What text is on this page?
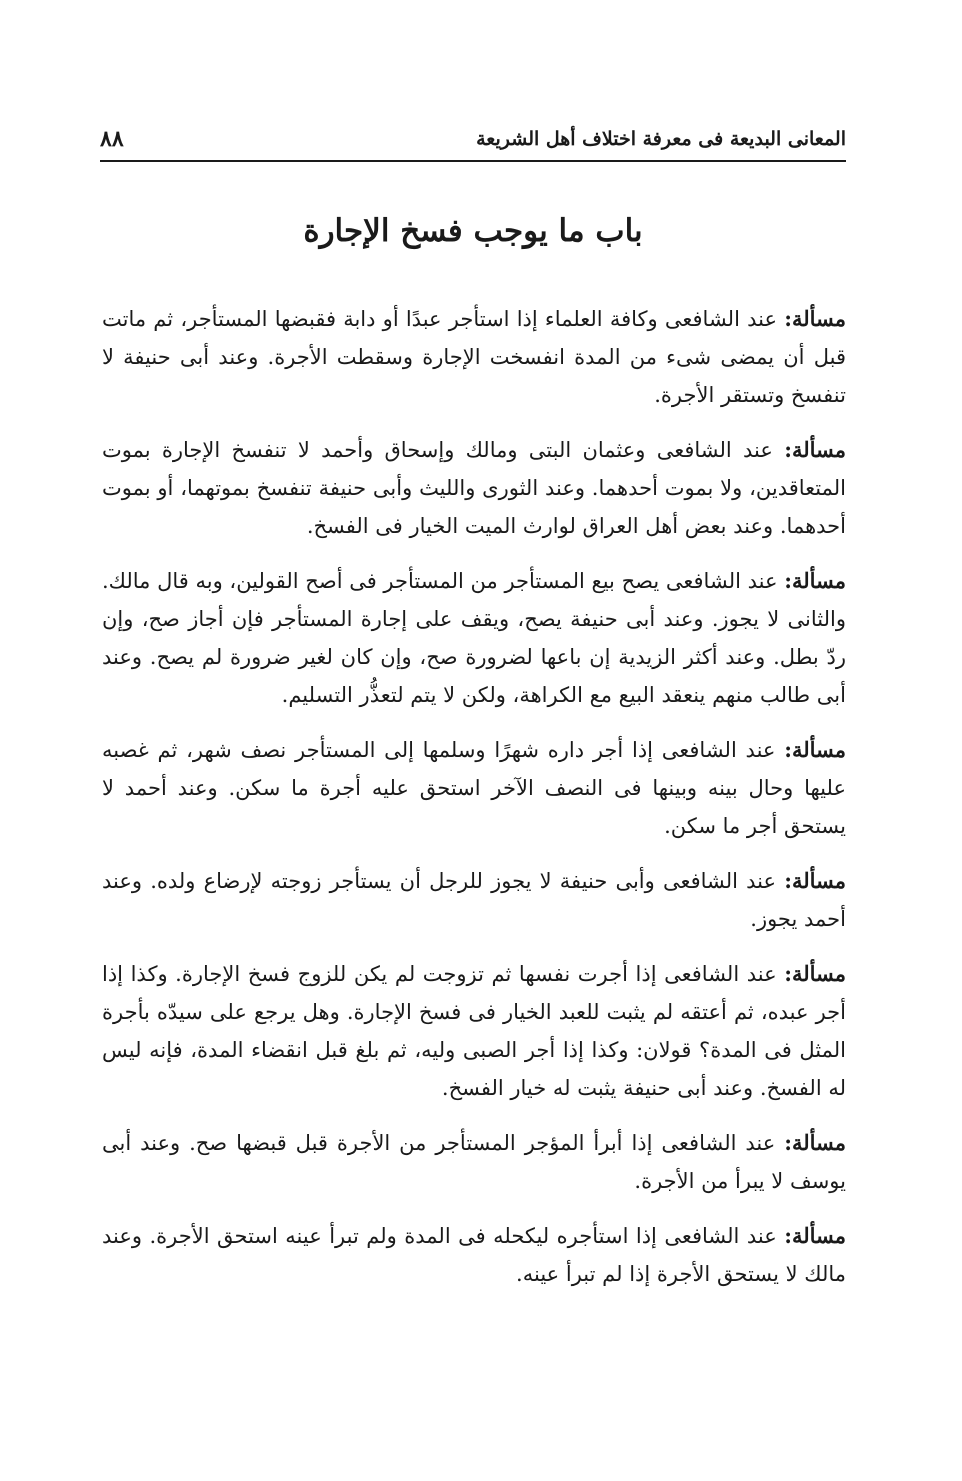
المعانى البديعة فى معرفة اختلاف أهل الشريعة
٨٨
باب ما يوجب فسخ الإجارة

مسألة: عند الشافعى وكافة العلماء إذا استأجر عبدًا أو دابة فقبضها المستأجر، ثم ماتت قبل أن يمضى شىء من المدة انفسخت الإجارة وسقطت الأجرة. وعند أبى حنيفة لا تنفسخ وتستقر الأجرة.

مسألة: عند الشافعى وعثمان البتى ومالك وإسحاق وأحمد لا تنفسخ الإجارة بموت المتعاقدين، ولا بموت أحدهما. وعند الثورى والليث وأبى حنيفة تنفسخ بموتهما، أو بموت أحدهما. وعند بعض أهل العراق لوارث الميت الخيار فى الفسخ.

مسألة: عند الشافعى يصح بيع المستأجر من المستأجر فى أصح القولين، وبه قال مالك. والثانى لا يجوز. وعند أبى حنيفة يصح، ويقف على إجارة المستأجر فإن أجاز صح، وإن ردّ بطل. وعند أكثر الزيدية إن باعها لضرورة صح، وإن كان لغير ضرورة لم يصح. وعند أبى طالب منهم ينعقد البيع مع الكراهة، ولكن لا يتم لتعذُّر التسليم.

مسألة: عند الشافعى إذا أجر داره شهرًا وسلمها إلى المستأجر نصف شهر، ثم غصبه عليها وحال بينه وبينها فى النصف الآخر استحق عليه أجرة ما سكن. وعند أحمد لا يستحق أجر ما سكن.

مسألة: عند الشافعى وأبى حنيفة لا يجوز للرجل أن يستأجر زوجته لإرضاع ولده. وعند أحمد يجوز.

مسألة: عند الشافعى إذا أجرت نفسها ثم تزوجت لم يكن للزوج فسخ الإجارة. وكذا إذا أجر عبده، ثم أعتقه لم يثبت للعبد الخيار فى فسخ الإجارة. وهل يرجع على سيدّه بأجرة المثل فى المدة؟ قولان: وكذا إذا أجر الصبى وليه، ثم بلغ قبل انقضاء المدة، فإنه ليس له الفسخ. وعند أبى حنيفة يثبت له خيار الفسخ.

مسألة: عند الشافعى إذا أبرأ المؤجر المستأجر من الأجرة قبل قبضها صح. وعند أبى يوسف لا يبرأ من الأجرة.

مسألة: عند الشافعى إذا استأجره ليكحله فى المدة ولم تبرأ عينه استحق الأجرة. وعند مالك لا يستحق الأجرة إذا لم تبرأ عينه.
